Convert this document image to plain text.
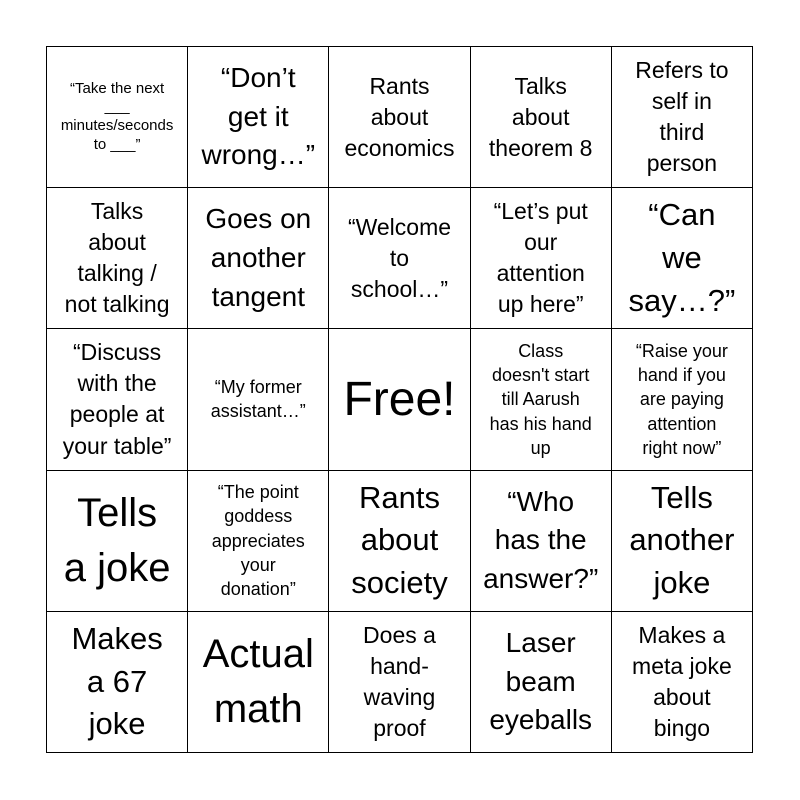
“Take the next
___
minutes/seconds
to ___”
“Don’t
get it
wrong…”
Rants
about
economics
Talks
about
theorem 8
Refers to
self in
third
person
Talks
about
talking /
not talking
Goes on
another
tangent
“Welcome
to
school…”
“Let’s put
our
attention
up here”
“Can
we
say…?”
“Discuss
with the
people at
your table”
“My former
assistant…” Free!
Class
doesn't start
till Aarush
has his hand
up
“Raise your
hand if you
are paying
attention
right now”
Tells
a joke
“The point
goddess
appreciates
your
donation”
Rants
about
society
“Who
has the
answer?”
Tells
another
joke
Makes
a 67
joke
Actual
math
Does a
hand-
waving
proof
Laser
beam
eyeballs
Makes a
meta joke
about
bingo
